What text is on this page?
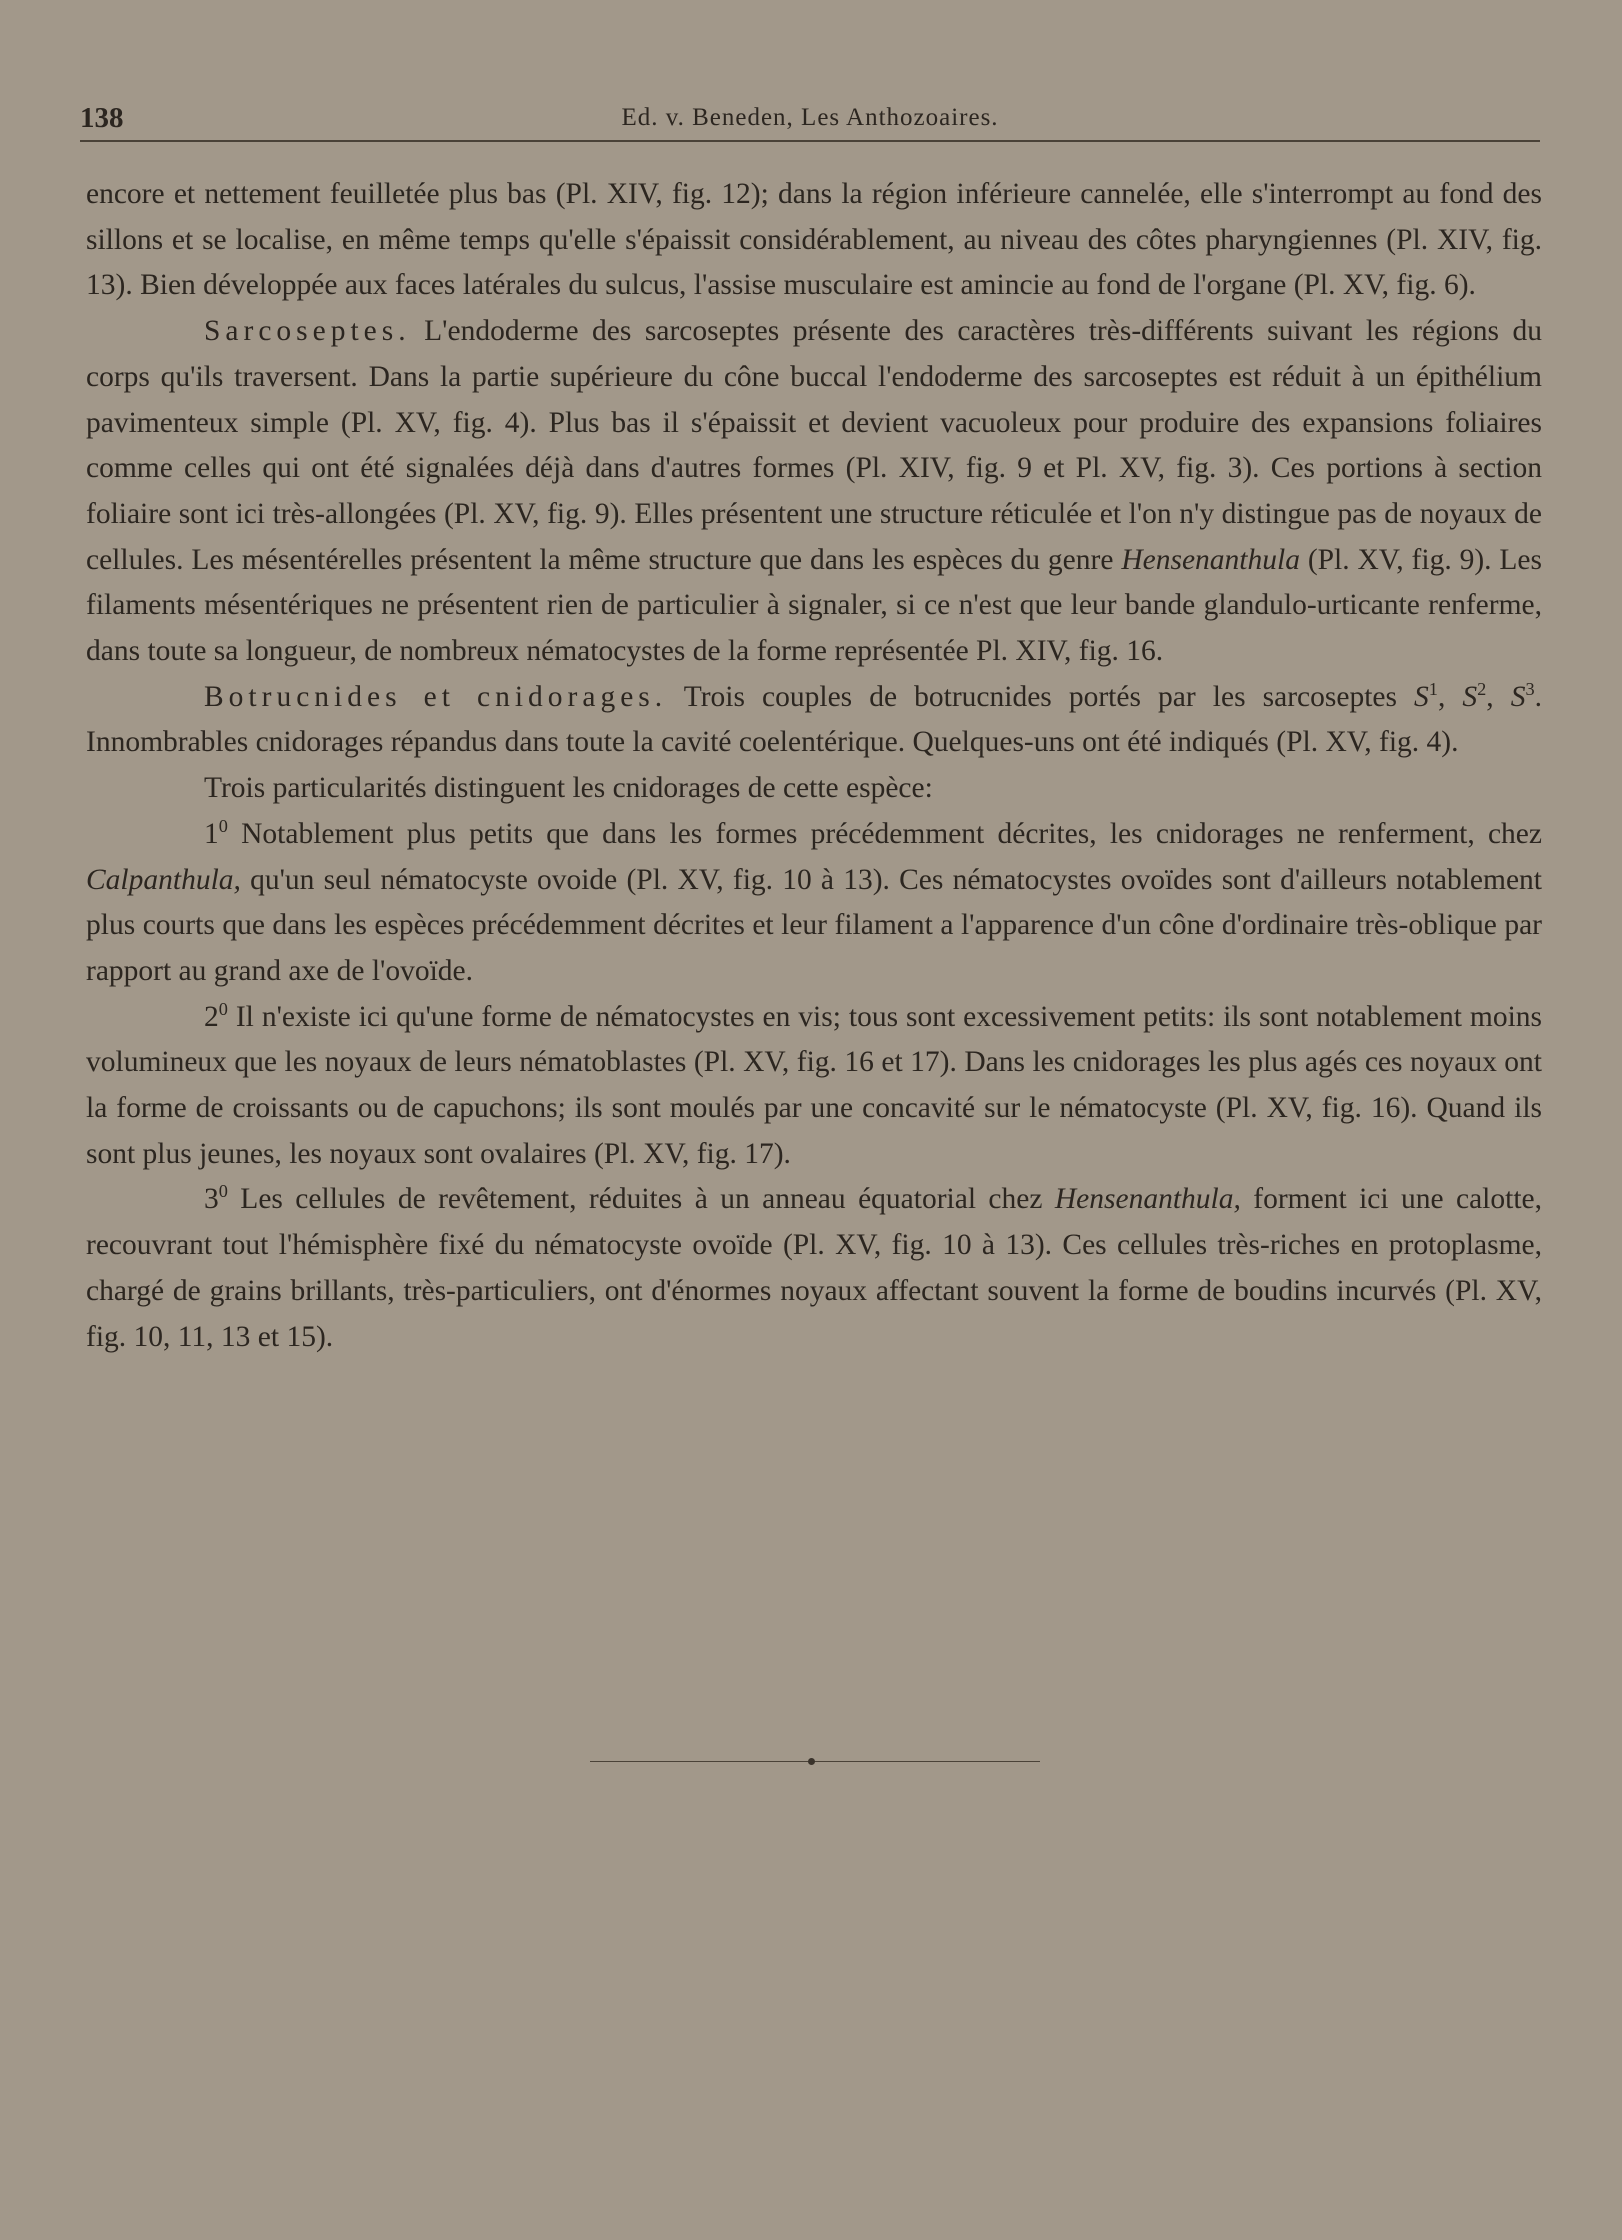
138	Ed. v. Beneden, Les Anthozoaires.

encore et nettement feuilletée plus bas (Pl. XIV, fig. 12); dans la région inférieure cannelée, elle s'interrompt au fond des sillons et se localise, en même temps qu'elle s'épaissit considérablement, au niveau des côtes pharyngiennes (Pl. XIV, fig. 13). Bien développée aux faces latérales du sulcus, l'assise musculaire est amincie au fond de l'organe (Pl. XV, fig. 6).

Sarcoseptes. L'endoderme des sarcoseptes présente des caractères très-différents suivant les régions du corps qu'ils traversent. Dans la partie supérieure du cône buccal l'endoderme des sarcoseptes est réduit à un épithélium pavimenteux simple (Pl. XV, fig. 4). Plus bas il s'épaissit et devient vacuoleux pour produire des expansions foliaires comme celles qui ont été signalées déjà dans d'autres formes (Pl. XIV, fig. 9 et Pl. XV, fig. 3). Ces portions à section foliaire sont ici très-allongées (Pl. XV, fig. 9). Elles présentent une structure réticulée et l'on n'y distingue pas de noyaux de cellules. Les mésentérelles présentent la même structure que dans les espèces du genre Hensenanthula (Pl. XV, fig. 9). Les filaments mésentériques ne présentent rien de particulier à signaler, si ce n'est que leur bande glandulo-urticante renferme, dans toute sa longueur, de nombreux nématocystes de la forme représentée Pl. XIV, fig. 16.

Botrucnides et cnidorages. Trois couples de botrucnides portés par les sarcoseptes $S^1$, $S^2$, $S^3$. Innombrables cnidorages répandus dans toute la cavité coelentérique. Quelques-uns ont été indiqués (Pl. XV, fig. 4).

Trois particularités distinguent les cnidorages de cette espèce:

$1^0$ Notablement plus petits que dans les formes précédemment décrites, les cnidorages ne renferment, chez Calpanthula, qu'un seul nématocyste ovoide (Pl. XV, fig. 10 à 13). Ces nématocystes ovoïdes sont d'ailleurs notablement plus courts que dans les espèces précédemment décrites et leur filament a l'apparence d'un cône d'ordinaire très-oblique par rapport au grand axe de l'ovoïde.

$2^0$ Il n'existe ici qu'une forme de nématocystes en vis; tous sont excessivement petits: ils sont notablement moins volumineux que les noyaux de leurs nématoblastes (Pl. XV, fig. 16 et 17). Dans les cnidorages les plus agés ces noyaux ont la forme de croissants ou de capuchons; ils sont moulés par une concavité sur le nématocyste (Pl. XV, fig. 16). Quand ils sont plus jeunes, les noyaux sont ovalaires (Pl. XV, fig. 17).

$3^0$ Les cellules de revêtement, réduites à un anneau équatorial chez Hensenanthula, forment ici une calotte, recouvrant tout l'hémisphère fixé du nématocyste ovoïde (Pl. XV, fig. 10 à 13). Ces cellules très-riches en protoplasme, chargé de grains brillants, très-particuliers, ont d'énormes noyaux affectant souvent la forme de boudins incurvés (Pl. XV, fig. 10, 11, 13 et 15).
